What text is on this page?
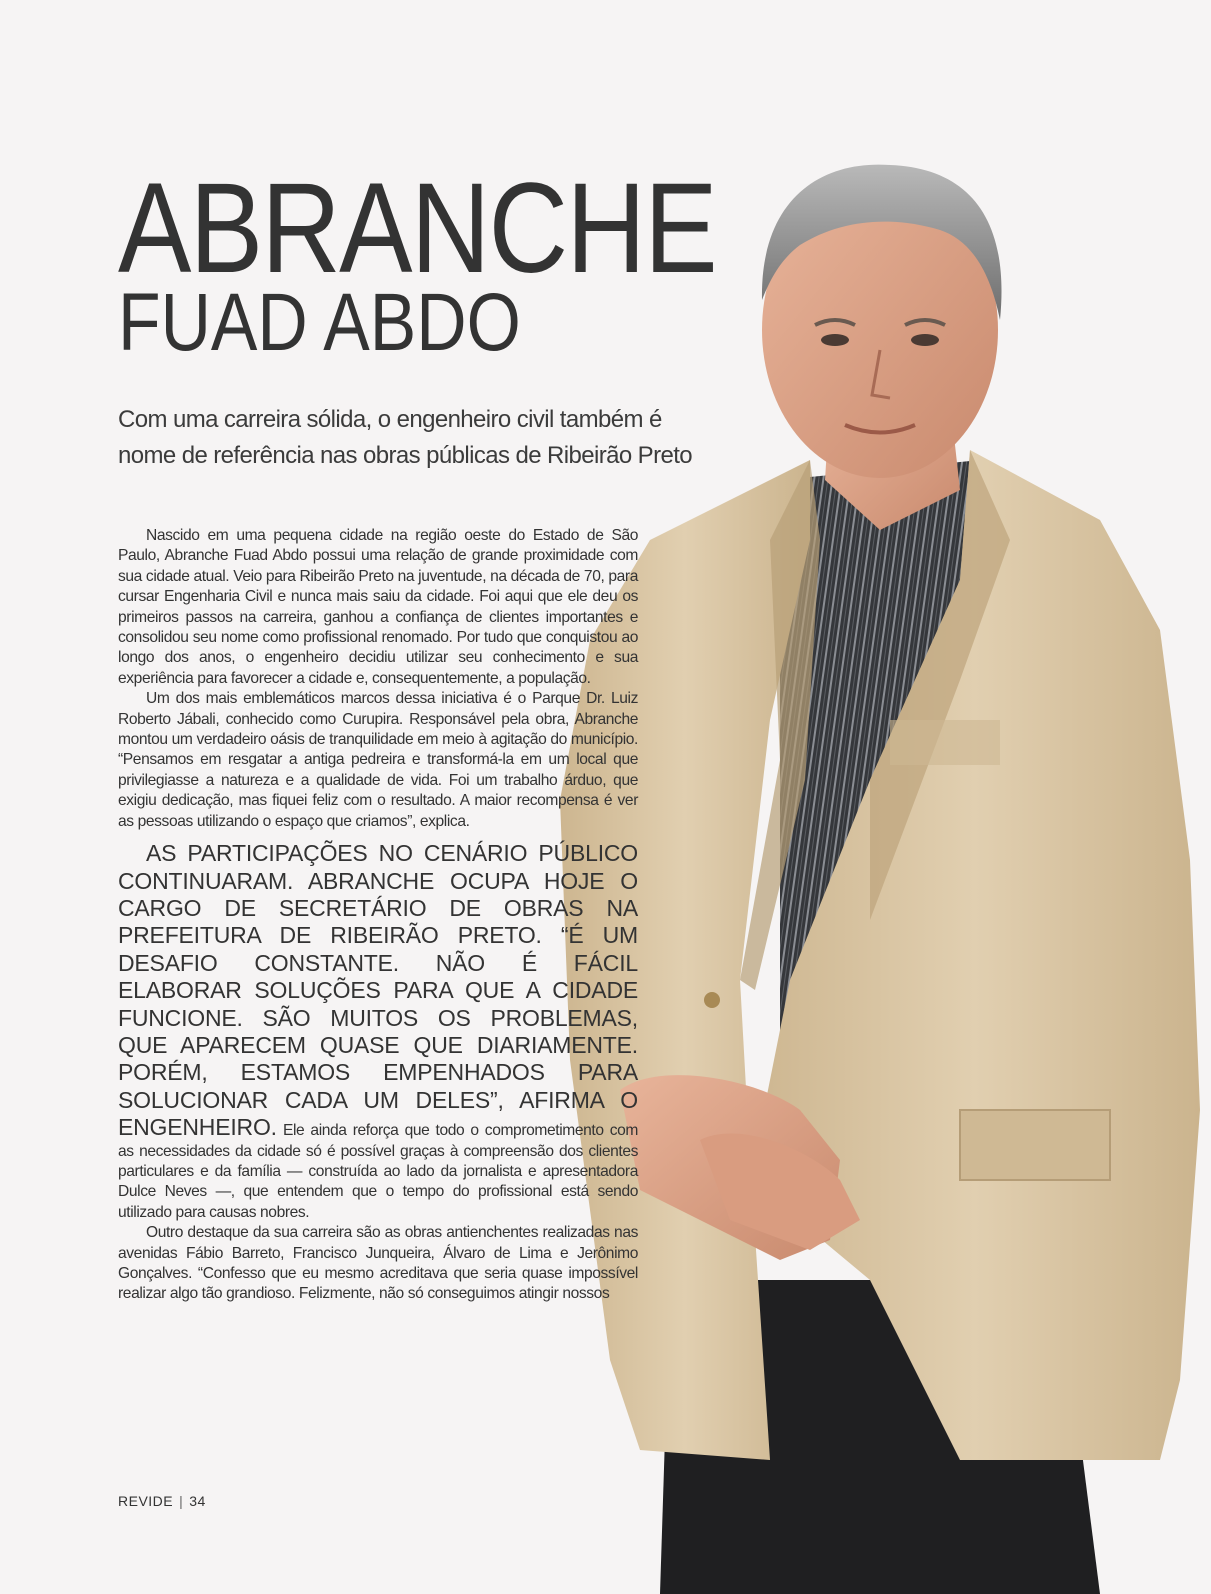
ABRANCHE
FUAD ABDO
Com uma carreira sólida, o engenheiro civil também é
nome de referência nas obras públicas de Ribeirão Preto

Nascido em uma pequena cidade na região oeste do Estado de São Paulo, Abranche Fuad Abdo possui uma relação de grande proximidade com sua cidade atual. Veio para Ribeirão Preto na juventude, na década de 70, para cursar Engenharia Civil e nunca mais saiu da cidade. Foi aqui que ele deu os primeiros passos na carreira, ganhou a confiança de clientes importantes e consolidou seu nome como profissional renomado. Por tudo que conquistou ao longo dos anos, o engenheiro decidiu utilizar seu conhecimento e sua experiência para favorecer a cidade e, consequentemente, a população.

Um dos mais emblemáticos marcos dessa iniciativa é o Parque Dr. Luiz Roberto Jábali, conhecido como Curupira. Responsável pela obra, Abranche montou um verdadeiro oásis de tranquilidade em meio à agitação do município. “Pensamos em resgatar a antiga pedreira e transformá-la em um local que privilegiasse a natureza e a qualidade de vida. Foi um trabalho árduo, que exigiu dedicação, mas fiquei feliz com o resultado. A maior recompensa é ver as pessoas utilizando o espaço que criamos”, explica.

AS PARTICIPAÇÕES NO CENÁRIO PÚBLICO CONTINUARAM. ABRANCHE OCUPA HOJE O CARGO DE SECRETÁRIO DE OBRAS NA PREFEITURA DE RIBEIRÃO PRETO. “É UM DESAFIO CONSTANTE. NÃO É FÁCIL ELABORAR SOLUÇÕES PARA QUE A CIDADE FUNCIONE. SÃO MUITOS OS PROBLEMAS, QUE APARECEM QUASE QUE DIARIAMENTE. PORÉM, ESTAMOS EMPENHADOS PARA SOLUCIONAR CADA UM DELES”, AFIRMA O ENGENHEIRO. Ele ainda reforça que todo o comprometimento com as necessidades da cidade só é possível graças à compreensão dos clientes particulares e da família — construída ao lado da jornalista e apresentadora Dulce Neves —, que entendem que o tempo do profissional está sendo utilizado para causas nobres.

Outro destaque da sua carreira são as obras antienchentes realizadas nas avenidas Fábio Barreto, Francisco Junqueira, Álvaro de Lima e Jerônimo Gonçalves. “Confesso que eu mesmo acreditava que seria quase impossível realizar algo tão grandioso. Felizmente, não só conseguimos atingir nossos

REVIDE | 34
